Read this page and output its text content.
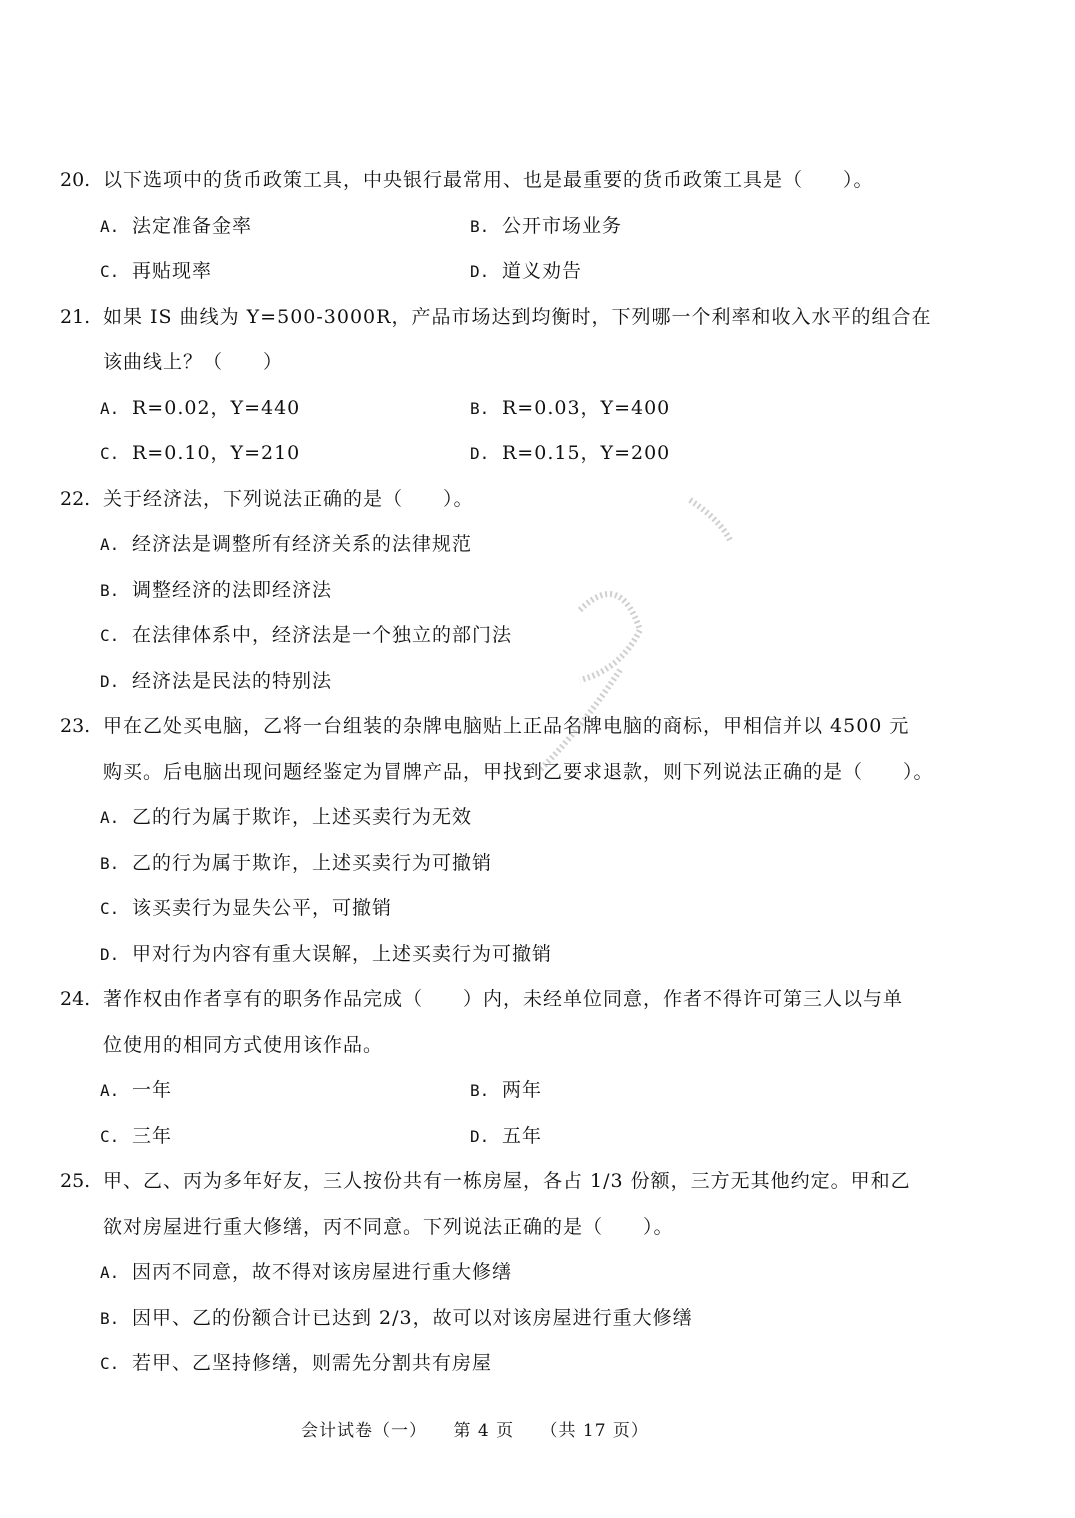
20. 以下选项中的货币政策工具，中央银行最常用、也是最重要的货币政策工具是（　　）。
A. 法定准备金率	B. 公开市场业务
C. 再贴现率	D. 道义劝告
21. 如果 IS 曲线为 Y=500-3000R，产品市场达到均衡时，下列哪一个利率和收入水平的组合在
该曲线上？（　　）
A. R=0.02，Y=440	B. R=0.03，Y=400
C. R=0.10，Y=210	D. R=0.15，Y=200
22. 关于经济法，下列说法正确的是（　　）。
A. 经济法是调整所有经济关系的法律规范
B. 调整经济的法即经济法
C. 在法律体系中，经济法是一个独立的部门法
D. 经济法是民法的特别法
23. 甲在乙处买电脑，乙将一台组装的杂牌电脑贴上正品名牌电脑的商标，甲相信并以 4500 元
购买。后电脑出现问题经鉴定为冒牌产品，甲找到乙要求退款，则下列说法正确的是（　　）。
A. 乙的行为属于欺诈，上述买卖行为无效
B. 乙的行为属于欺诈，上述买卖行为可撤销
C. 该买卖行为显失公平，可撤销
D. 甲对行为内容有重大误解，上述买卖行为可撤销
24. 著作权由作者享有的职务作品完成（　　）内，未经单位同意，作者不得许可第三人以与单
位使用的相同方式使用该作品。
A. 一年	B. 两年
C. 三年	D. 五年
25. 甲、乙、丙为多年好友，三人按份共有一栋房屋，各占 1/3 份额，三方无其他约定。甲和乙
欲对房屋进行重大修缮，丙不同意。下列说法正确的是（　　）。
A. 因丙不同意，故不得对该房屋进行重大修缮
B. 因甲、乙的份额合计已达到 2/3，故可以对该房屋进行重大修缮
C. 若甲、乙坚持修缮，则需先分割共有房屋
会计试卷（一） 第 4 页 （共 17 页）
